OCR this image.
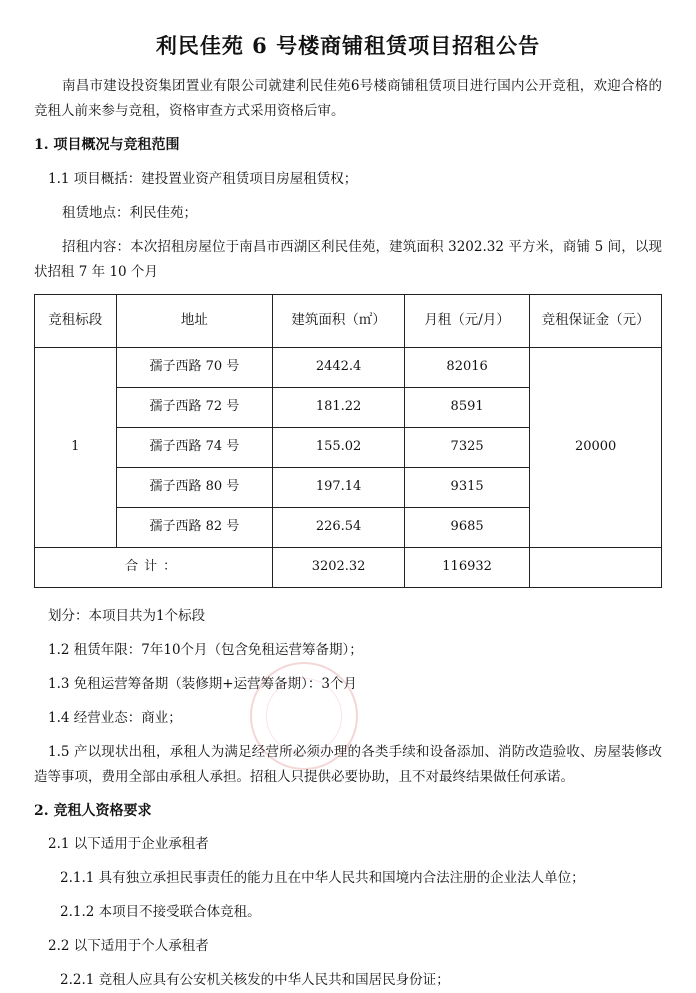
利民佳苑 6 号楼商铺租赁项目招租公告

南昌市建设投资集团置业有限公司就建利民佳苑6号楼商铺租赁项目进行国内公开竞租，欢迎合格的竞租人前来参与竞租，资格审查方式采用资格后审。

1. 项目概况与竞租范围

1.1 项目概括：建投置业资产租赁项目房屋租赁权；

租赁地点：利民佳苑；

招租内容：本次招租房屋位于南昌市西湖区利民佳苑，建筑面积 3202.32 平方米，商铺 5 间，以现状招租 7 年 10 个月

竞租标段	地址	建筑面积（㎡）	月租（元/月）	竞租保证金（元）
1	孺子西路 70 号	2442.4	82016	20000
	孺子西路 72 号	181.22	8591	
	孺子西路 74 号	155.02	7325	
	孺子西路 80 号	197.14	9315	
	孺子西路 82 号	226.54	9685	
合计：		3202.32	116932	

划分：本项目共为1个标段

1.2 租赁年限：7年10个月（包含免租运营筹备期）；

1.3 免租运营筹备期（装修期+运营筹备期）：3个月

1.4 经营业态：商业；

1.5 产以现状出租，承租人为满足经营所必须办理的各类手续和设备添加、消防改造验收、房屋装修改造等事项，费用全部由承租人承担。招租人只提供必要协助，且不对最终结果做任何承诺。

2. 竞租人资格要求

2.1 以下适用于企业承租者

2.1.1 具有独立承担民事责任的能力且在中华人民共和国境内合法注册的企业法人单位；

2.1.2 本项目不接受联合体竞租。

2.2 以下适用于个人承租者

2.2.1 竞租人应具有公安机关核发的中华人民共和国居民身份证；
